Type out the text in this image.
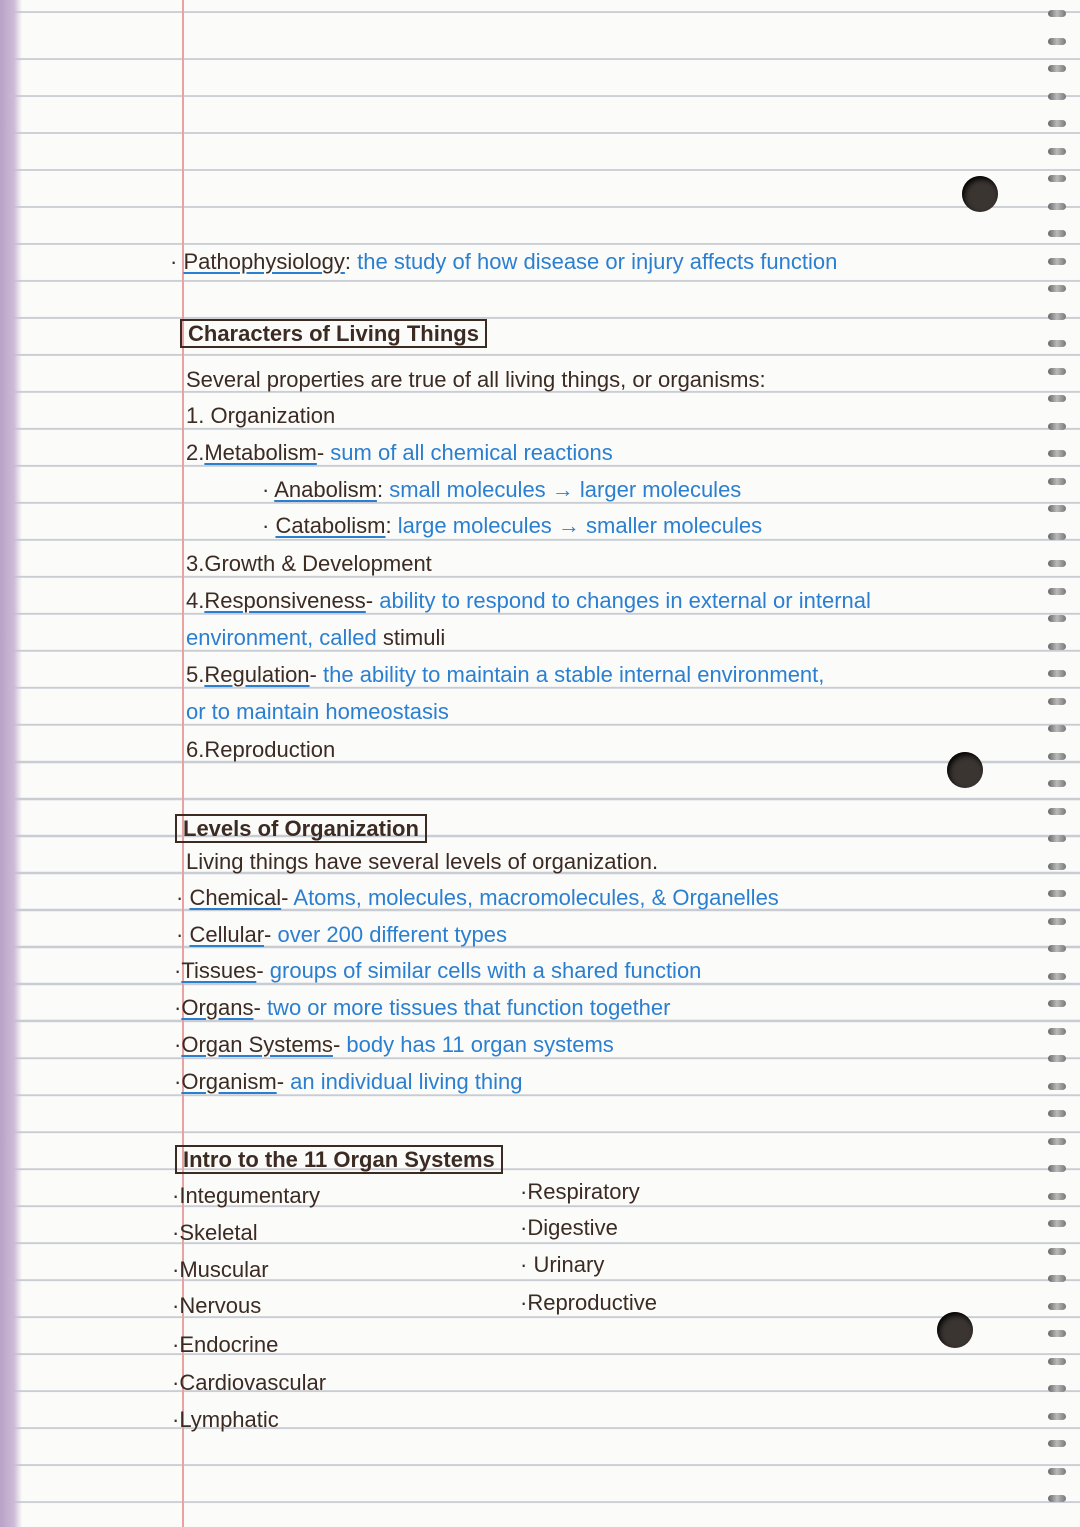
· Pathophysiology: the study of how disease or injury affects function
Characters of Living Things
Several properties are true of all living things, or organisms:
1. Organization
2.Metabolism- sum of all chemical reactions
· Anabolism: small molecules → larger molecules
· Catabolism: large molecules → smaller molecules
3.Growth & Development
4.Responsiveness- ability to respond to changes in external or internal
environment, called stimuli
5.Regulation- the ability to maintain a stable internal environment,
or to maintain homeostasis
6.Reproduction
Levels of Organization
Living things have several levels of organization.
· Chemical- Atoms, molecules, macromolecules, & Organelles
· Cellular- over 200 different types
·Tissues- groups of similar cells with a shared function
·Organs- two or more tissues that function together
·Organ Systems- body has 11 organ systems
·Organism- an individual living thing
Intro to the 11 Organ Systems
·Integumentary
·Skeletal
·Muscular
·Nervous
·Endocrine
·Cardiovascular
·Lymphatic
·Respiratory
·Digestive
· Urinary
·Reproductive
